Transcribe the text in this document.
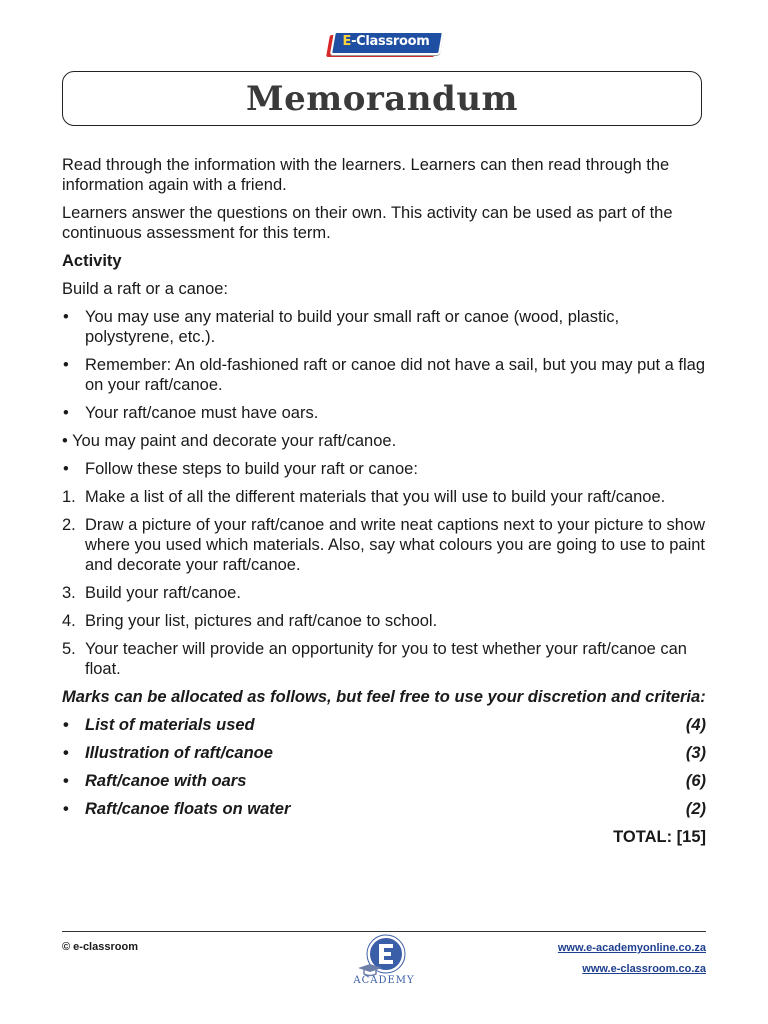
E-Classroom
Memorandum

Read through the information with the learners. Learners can then read through the information again with a friend.

Learners answer the questions on their own. This activity can be used as part of the continuous assessment for this term.

Activity

Build a raft or a canoe:

• You may use any material to build your small raft or canoe (wood, plastic, polystyrene, etc.).
• Remember: An old-fashioned raft or canoe did not have a sail, but you may put a flag on your raft/canoe.
• Your raft/canoe must have oars.
• You may paint and decorate your raft/canoe.
• Follow these steps to build your raft or canoe:
1. Make a list of all the different materials that you will use to build your raft/canoe.
2. Draw a picture of your raft/canoe and write neat captions next to your picture to show where you used which materials. Also, say what colours you are going to use to paint and decorate your raft/canoe.
3. Build your raft/canoe.
4. Bring your list, pictures and raft/canoe to school.
5. Your teacher will provide an opportunity for you to test whether your raft/canoe can float.
Marks can be allocated as follows, but feel free to use your discretion and criteria:
• List of materials used	(4)
• Illustration of raft/canoe	(3)
• Raft/canoe with oars	(6)
• Raft/canoe floats on water	(2)
TOTAL: [15]
© e-classroom
ACADEMY
www.e-academyonline.co.za
www.e-classroom.co.za
